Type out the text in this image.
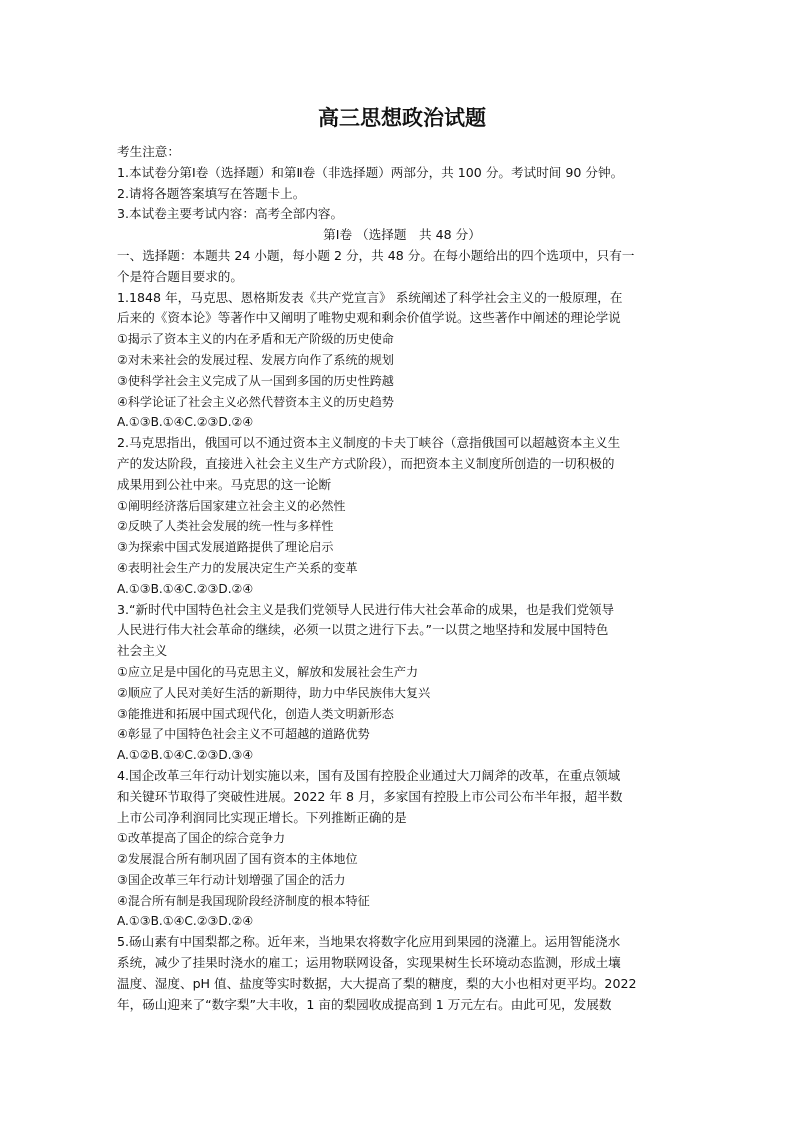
高三思想政治试题
考生注意：
1.本试卷分第Ⅰ卷（选择题）和第Ⅱ卷（非选择题）两部分，共 100 分。考试时间 90 分钟。
2.请将各题答案填写在答题卡上。
3.本试卷主要考试内容：高考全部内容。
第Ⅰ卷 （选择题　共 48 分）
一、选择题：本题共 24 小题，每小题 2 分，共 48 分。在每小题给出的四个选项中，只有一
个是符合题目要求的。
1.1848 年，马克思、恩格斯发表《共产党宣言》 系统阐述了科学社会主义的一般原理，在
后来的《资本论》等著作中又阐明了唯物史观和剩余价值学说。这些著作中阐述的理论学说
①揭示了资本主义的内在矛盾和无产阶级的历史使命
②对未来社会的发展过程、发展方向作了系统的规划
③使科学社会主义完成了从一国到多国的历史性跨越
④科学论证了社会主义必然代替资本主义的历史趋势
A.①③B.①④C.②③D.②④
2.马克思指出，俄国可以不通过资本主义制度的卡夫丁峡谷（意指俄国可以超越资本主义生
产的发达阶段，直接进入社会主义生产方式阶段），而把资本主义制度所创造的一切积极的
成果用到公社中来。马克思的这一论断
①阐明经济落后国家建立社会主义的必然性
②反映了人类社会发展的统一性与多样性
③为探索中国式发展道路提供了理论启示
④表明社会生产力的发展决定生产关系的变革
A.①③B.①④C.②③D.②④
3.“新时代中国特色社会主义是我们党领导人民进行伟大社会革命的成果，也是我们党领导
人民进行伟大社会革命的继续，必须一以贯之进行下去。”一以贯之地坚持和发展中国特色
社会主义
①应立足是中国化的马克思主义，解放和发展社会生产力
②顺应了人民对美好生活的新期待，助力中华民族伟大复兴
③能推进和拓展中国式现代化，创造人类文明新形态
④彰显了中国特色社会主义不可超越的道路优势
A.①②B.①④C.②③D.③④
4.国企改革三年行动计划实施以来，国有及国有控股企业通过大刀阔斧的改革，在重点领域
和关键环节取得了突破性进展。2022 年 8 月，多家国有控股上市公司公布半年报，超半数
上市公司净利润同比实现正增长。下列推断正确的是
①改革提高了国企的综合竞争力
②发展混合所有制巩固了国有资本的主体地位
③国企改革三年行动计划增强了国企的活力
④混合所有制是我国现阶段经济制度的根本特征
A.①③B.①④C.②③D.②④
5.砀山素有中国梨都之称。近年来，当地果农将数字化应用到果园的浇灌上。运用智能浇水
系统，减少了挂果时浇水的雇工；运用物联网设备，实现果树生长环境动态监测，形成土壤
温度、湿度、pH 值、盐度等实时数据，大大提高了梨的糖度，梨的大小也相对更平均。2022
年，砀山迎来了“数字梨”大丰收，1 亩的梨园收成提高到 1 万元左右。由此可见，发展数
